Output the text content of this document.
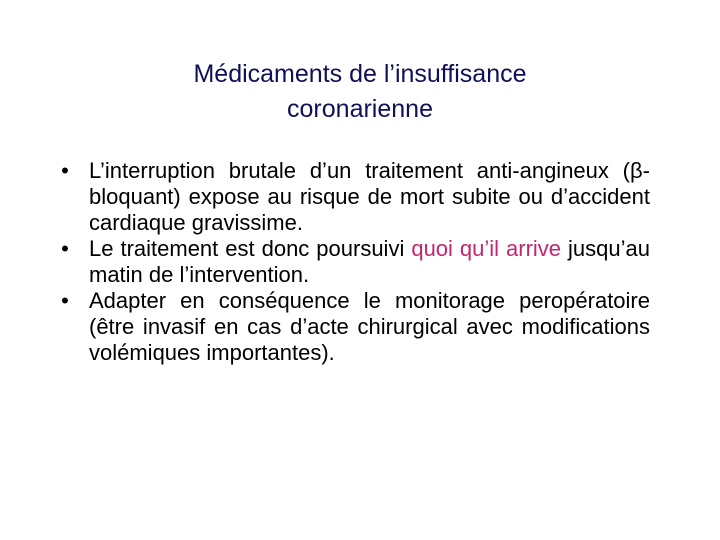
Médicaments de l’insuffisance
coronarienne
• L’interruption brutale d’un traitement anti-angineux (β-bloquant) expose au risque de mort subite ou d’accident cardiaque gravissime.
• Le traitement est donc poursuivi quoi qu’il arrive jusqu’au matin de l’intervention.
• Adapter en conséquence le monitorage peropératoire (être invasif en cas d’acte chirurgical avec modifications volémiques importantes).
